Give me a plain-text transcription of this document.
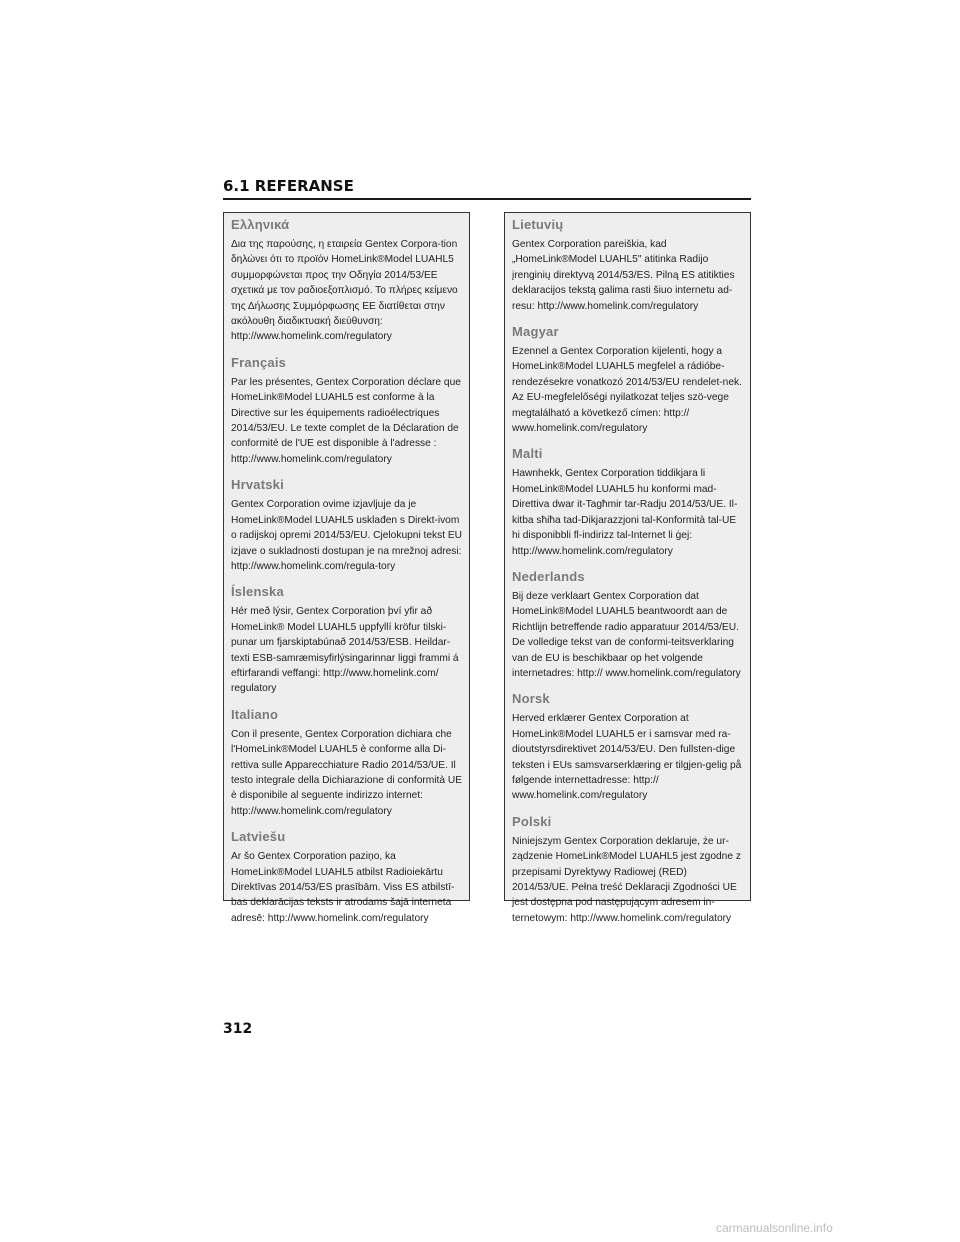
6.1 REFERANSE

Ελληνικά

Δια της παρούσης, η εταιρεία Gentex Corpora-tion δηλώνει ότι το προϊόν HomeLink®Model LUAHL5 συμμορφώνεται προς την Οδηγία 2014/53/ΕΕ σχετικά με τον ραδιοεξοπλισμό. Το πλήρες κείμενο της Δήλωσης Συμμόρφωσης ΕΕ διατίθεται στην ακόλουθη διαδικτυακή διεύθυνση: http://www.homelink.com/regulatory

Français

Par les présentes, Gentex Corporation déclare que HomeLink®Model LUAHL5 est conforme à la Directive sur les équipements radioélectriques 2014/53/EU. Le texte complet de la Déclaration de conformité de l'UE est disponible à l'adresse : http://www.homelink.com/regulatory

Hrvatski

Gentex Corporation ovime izjavljuje da je HomeLink®Model LUAHL5 usklađen s Direkt-ivom o radijskoj opremi 2014/53/EU. Cjelokupni tekst EU izjave o sukladnosti dostupan je na mrežnoj adresi: http://www.homelink.com/regula-tory

Íslenska

Hér með lýsir, Gentex Corporation því yfir að HomeLink® Model LUAHL5 uppfyllí kröfur tilski-punar um fjarskiptabúnað 2014/53/ESB. Heildar-texti ESB-samræmisyfirlýsingarinnar liggi frammi á eftirfarandi veffangi: http://www.homelink.com/ regulatory

Italiano

Con il presente, Gentex Corporation dichiara che l'HomeLink®Model LUAHL5 è conforme alla Di-rettiva sulle Apparecchiature Radio 2014/53/UE. Il testo integrale della Dichiarazione di conformità UE è disponibile al seguente indirizzo internet: http://www.homelink.com/regulatory

Latviešu

Ar šo Gentex Corporation paziņo, ka HomeLink®Model LUAHL5 atbilst Radioiekārtu Direktīvas 2014/53/ES prasībām. Viss ES atbilstī-bas deklarācijas teksts ir atrodams šajā interneta adresē: http://www.homelink.com/regulatory

Lietuvių

Gentex Corporation pareiškia, kad „HomeLink®Model LUAHL5" atitinka Radijo įrenginių direktyvą 2014/53/ES. Pilną ES atitikties deklaracijos tekstą galima rasti šiuo internetu ad-resu: http://www.homelink.com/regulatory

Magyar

Ezennel a Gentex Corporation kijelenti, hogy a HomeLink®Model LUAHL5 megfelel a rádióbe-rendezésekre vonatkozó 2014/53/EU rendelet-nek. Az EU-megfelelőségi nyilatkozat teljes szö-vege megtalálható a következő címen: http:// www.homelink.com/regulatory

Malti

Hawnhekk, Gentex Corporation tiddikjara li HomeLink®Model LUAHL5 hu konformi mad-Direttiva dwar it-Tagħmir tar-Radju 2014/53/UE. Il-kitba sħiħa tad-Dikjarazzjoni tal-Konformità tal-UE hi disponibbli fl-indirizz tal-Internet li ġej: http://www.homelink.com/regulatory

Nederlands

Bij deze verklaart Gentex Corporation dat HomeLink®Model LUAHL5 beantwoordt aan de Richtlijn betreffende radio apparatuur 2014/53/EU. De volledige tekst van de conformi-teitsverklaring van de EU is beschikbaar op het volgende internetadres: http:// www.homelink.com/regulatory

Norsk

Herved erklærer Gentex Corporation at HomeLink®Model LUAHL5 er i samsvar med ra-dioutstyrsdirektivet 2014/53/EU. Den fullsten-dige teksten i EUs samsvarserklæring er tilgjen-gelig på følgende internettadresse: http:// www.homelink.com/regulatory

Polski

Niniejszym Gentex Corporation deklaruje, że ur-ządzenie HomeLink®Model LUAHL5 jest zgodne z przepisami Dyrektywy Radiowej (RED) 2014/53/UE. Pełna treść Deklaracji Zgodności UE jest dostępna pod następującym adresem in-ternetowym: http://www.homelink.com/regulatory

312
carmanualsonline.info
